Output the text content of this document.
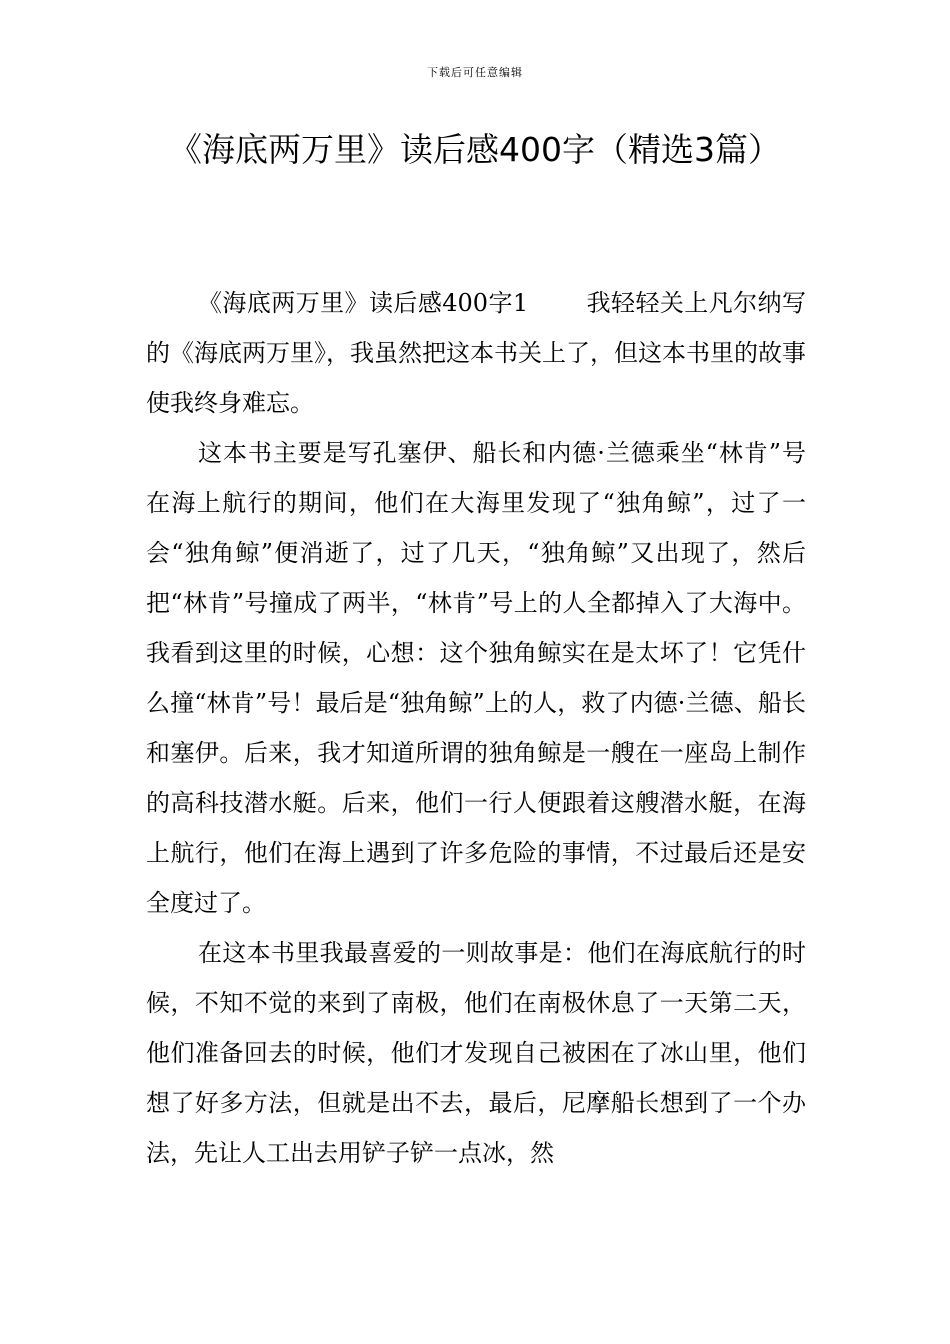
下载后可任意编辑
《海底两万里》读后感400字（精选3篇）

《海底两万里》读后感400字1 我轻轻关上凡尔纳写的《海底两万里》，我虽然把这本书关上了，但这本书里的故事使我终身难忘。

这本书主要是写孔塞伊、船长和内德·兰德乘坐“林肯”号在海上航行的期间，他们在大海里发现了“独角鲸”，过了一会“独角鲸”便消逝了，过了几天，“独角鲸”又出现了，然后把“林肯”号撞成了两半，“林肯”号上的人全都掉入了大海中。我看到这里的时候，心想：这个独角鲸实在是太坏了！它凭什么撞“林肯”号！最后是“独角鲸”上的人，救了内德·兰德、船长和塞伊。后来，我才知道所谓的独角鲸是一艘在一座岛上制作的高科技潜水艇。后来，他们一行人便跟着这艘潜水艇，在海上航行，他们在海上遇到了许多危险的事情，不过最后还是安全度过了。

在这本书里我最喜爱的一则故事是：他们在海底航行的时候，不知不觉的来到了南极，他们在南极休息了一天第二天，他们准备回去的时候，他们才发现自己被困在了冰山里，他们想了好多方法，但就是出不去，最后，尼摩船长想到了一个办法，先让人工出去用铲子铲一点冰，然
